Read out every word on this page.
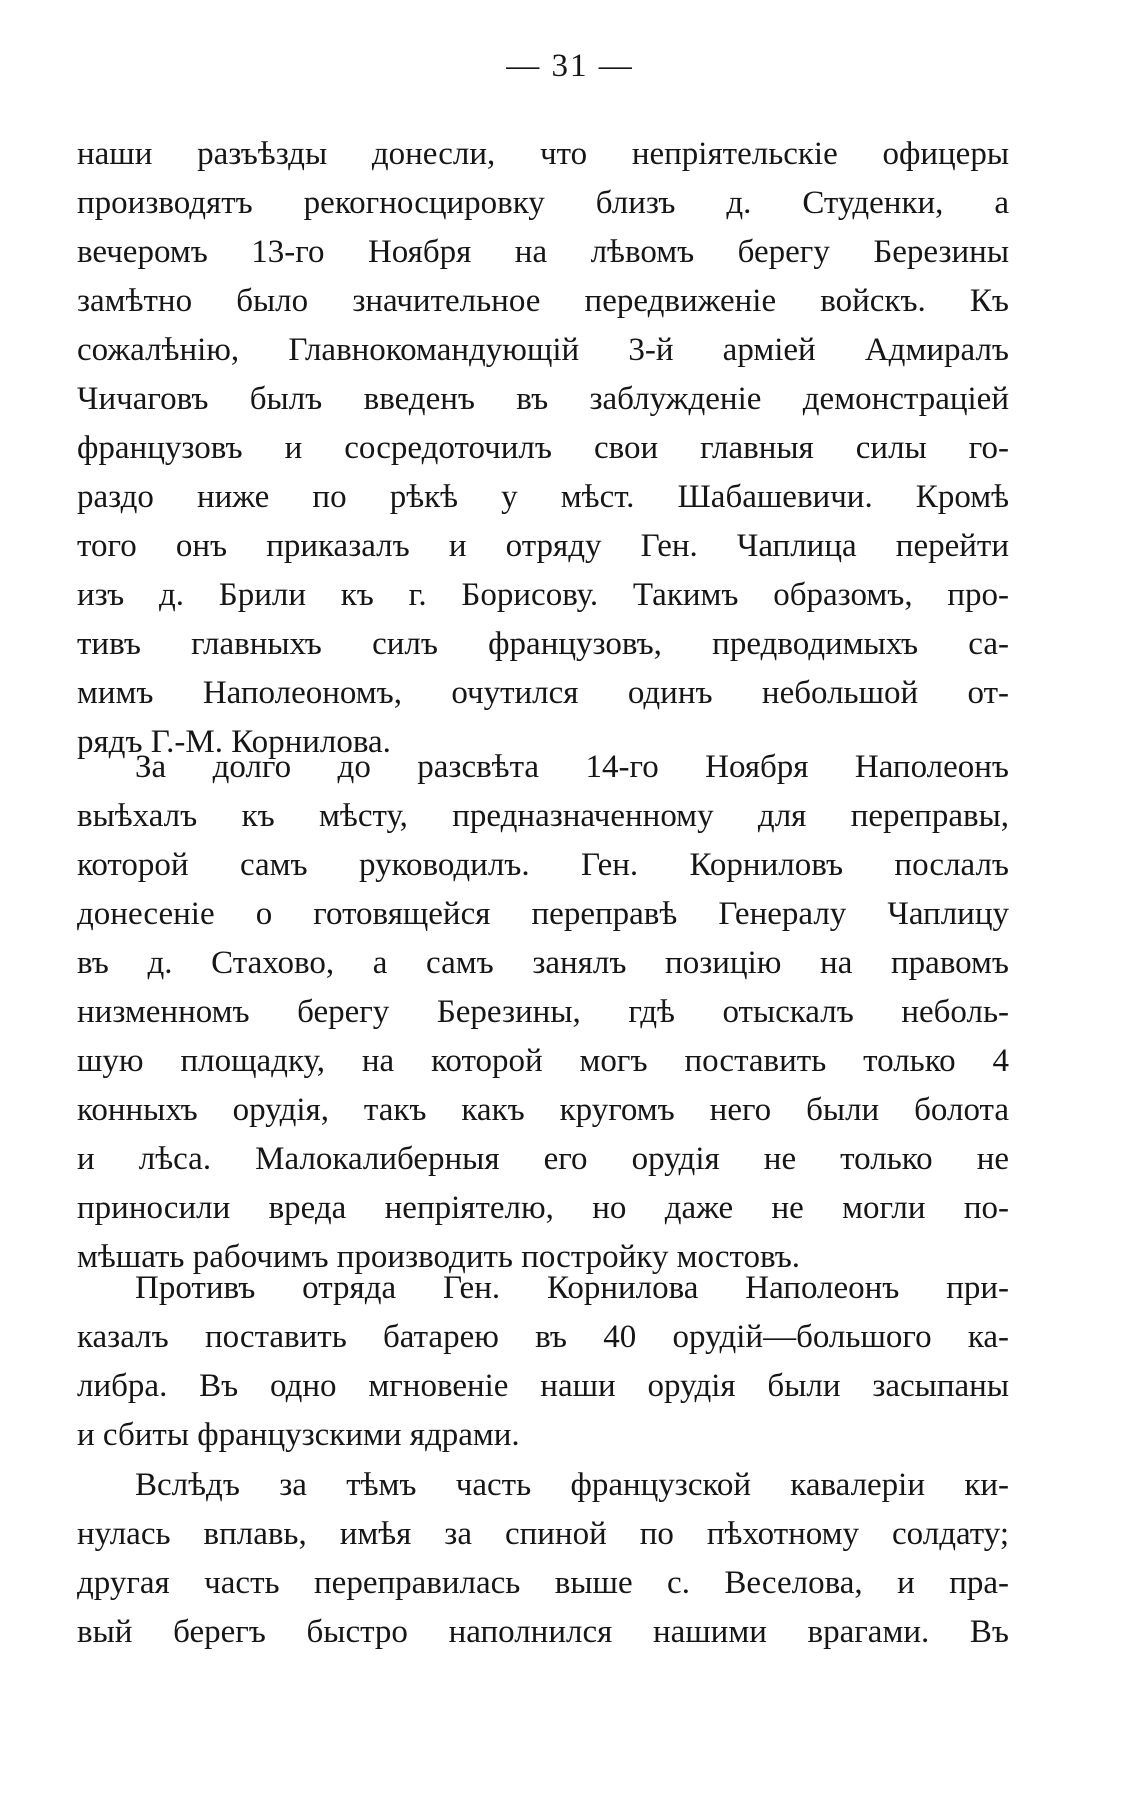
— 31 —
наши разъѣзды донесли, что непріятельскіе офицеры
производятъ рекогносцировку близъ д. Студенки, а
вечеромъ 13-го Ноября на лѣвомъ берегу Березины
замѣтно было значительное передвиженіе войскъ. Къ
сожалѣнію, Главнокомандующій 3-й арміей Адмиралъ
Чичаговъ былъ введенъ въ заблужденіе демонстраціей
французовъ и сосредоточилъ свои главныя силы го-
раздо ниже по рѣкѣ у мѣст. Шабашевичи. Кромѣ
того онъ приказалъ и отряду Ген. Чаплица перейти
изъ д. Брили къ г. Борисову. Такимъ образомъ, про-
тивъ главныхъ силъ французовъ, предводимыхъ са-
мимъ Наполеономъ, очутился одинъ небольшой от-
рядъ Г.-М. Корнилова.
За долго до разсвѣта 14-го Ноября Наполеонъ
выѣхалъ къ мѣсту, предназначенному для переправы,
которой самъ руководилъ. Ген. Корниловъ послалъ
донесеніе о готовящейся переправѣ Генералу Чаплицу
въ д. Стахово, а самъ занялъ позицію на правомъ
низменномъ берегу Березины, гдѣ отыскалъ неболь-
шую площадку, на которой могъ поставить только 4
конныхъ орудія, такъ какъ кругомъ него были болота
и лѣса. Малокалиберныя его орудія не только не
приносили вреда непріятелю, но даже не могли по-
мѣшать рабочимъ производить постройку мостовъ.
Противъ отряда Ген. Корнилова Наполеонъ при-
казалъ поставить батарею въ 40 орудій—большого ка-
либра. Въ одно мгновеніе наши орудія были засыпаны
и сбиты французскими ядрами.
Вслѣдъ за тѣмъ часть французской кавалеріи ки-
нулась вплавь, имѣя за спиной по пѣхотному солдату;
другая часть переправилась выше с. Веселова, и пра-
вый берегъ быстро наполнился нашими врагами. Въ
